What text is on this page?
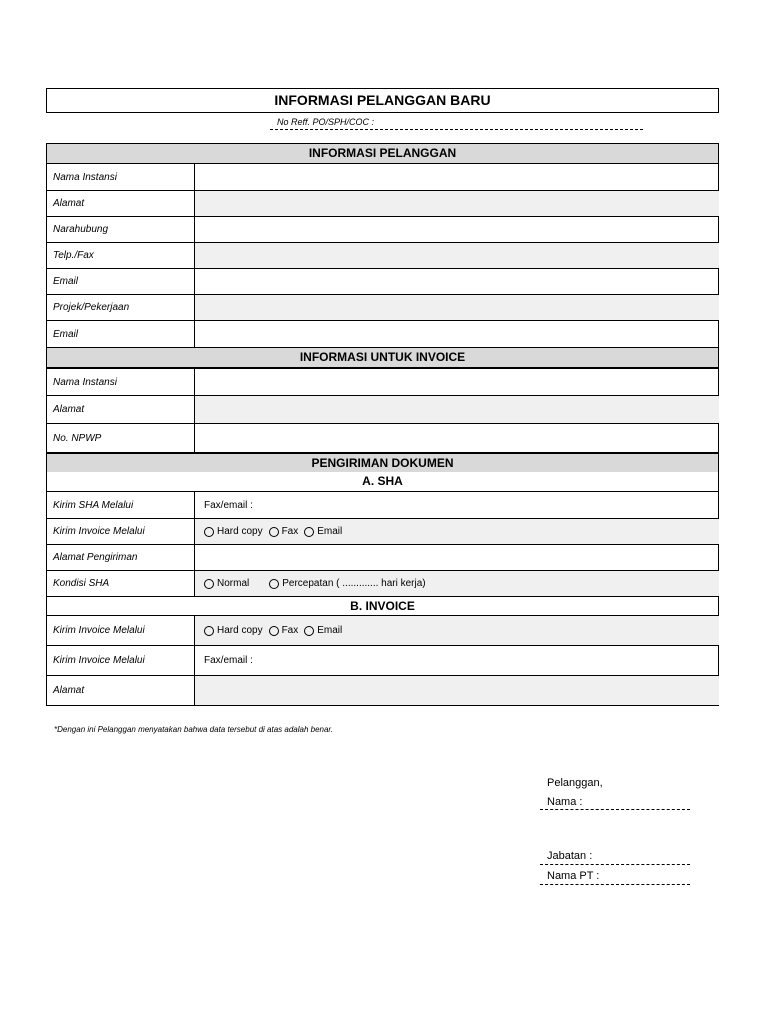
INFORMASI PELANGGAN BARU
No Reff. PO/SPH/COC :
INFORMASI PELANGGAN
Nama Instansi
Alamat
Narahubung
Telp./Fax
Email
Projek/Pekerjaan
Email
INFORMASI UNTUK INVOICE
Nama Instansi
Alamat
No. NPWP
PENGIRIMAN DOKUMEN
A. SHA
Kirim SHA Melalui	Fax/email :
Kirim Invoice Melalui	Hard copy Fax Email
Alamat Pengiriman
Kondisi SHA	Normal	Percepatan ( ............. hari kerja)
B. INVOICE
Kirim Invoice Melalui	Hard copy Fax Email
Kirim Invoice Melalui	Fax/email :
Alamat
*Dengan ini Pelanggan menyatakan bahwa data tersebut di atas adalah benar.
Pelanggan,
Nama :
Jabatan :
Nama PT :
